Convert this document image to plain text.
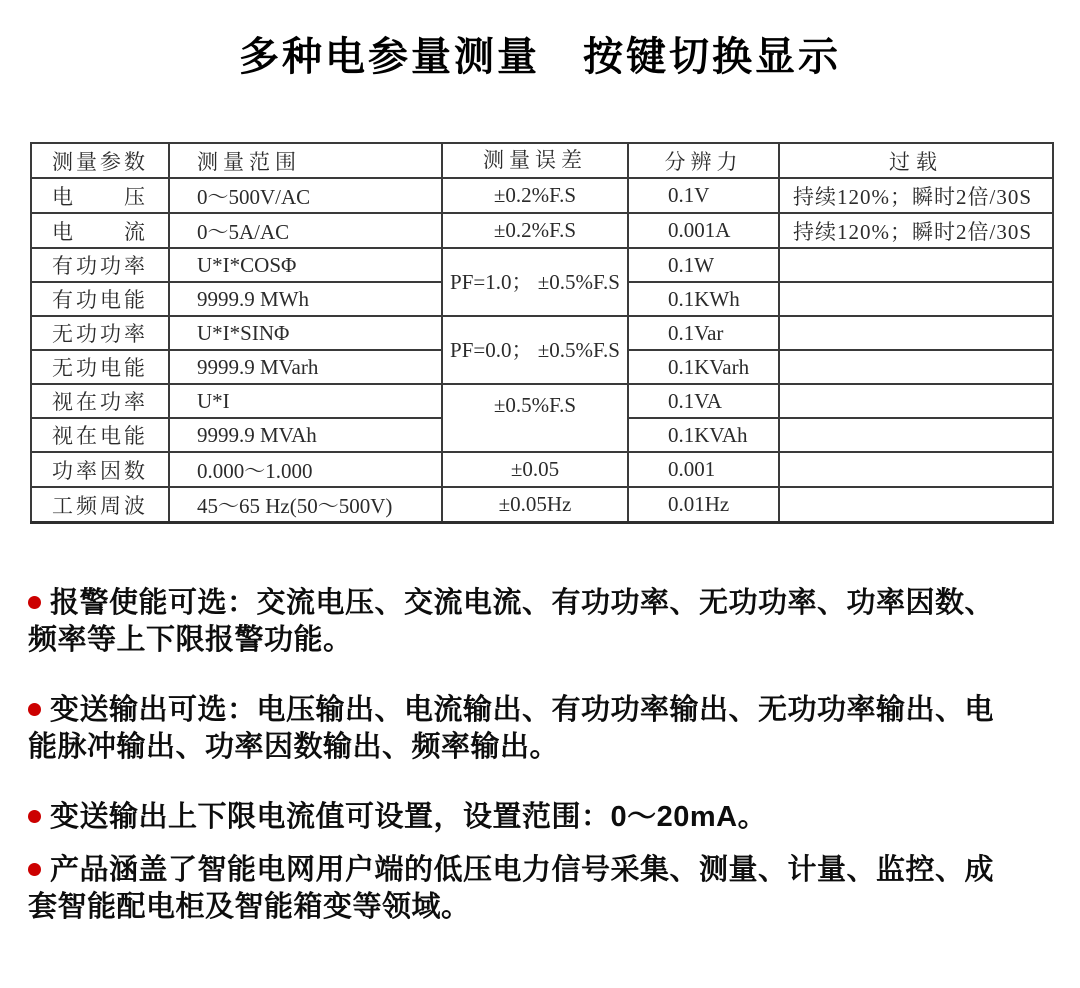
多种电参量测量　按键切换显示
测量参数	测量范围	测量误差	分辨力	过载
电　　压	0～500V/AC	±0.2%F.S	0.1V	持续120%；瞬时2倍/30S
电　　流	0～5A/AC	±0.2%F.S	0.001A	持续120%；瞬时2倍/30S
有功功率	U*I*COSΦ	PF=1.0； ±0.5%F.S	0.1W	
有功电能	9999.9 MWh		0.1KWh	
无功功率	U*I*SINΦ	PF=0.0； ±0.5%F.S	0.1Var	
无功电能	9999.9 MVarh		0.1KVarh	
视在功率	U*I	±0.5%F.S	0.1VA	
视在电能	9999.9 MVAh		0.1KVAh	
功率因数	0.000～1.000	±0.05	0.001	
工频周波	45～65 Hz(50～500V)	±0.05Hz	0.01Hz	
报警使能可选：交流电压、交流电流、有功功率、无功功率、功率因数、
频率等上下限报警功能。
变送输出可选：电压输出、电流输出、有功功率输出、无功功率输出、电
能脉冲输出、功率因数输出、频率输出。
变送输出上下限电流值可设置，设置范围：0～20mA。
产品涵盖了智能电网用户端的低压电力信号采集、测量、计量、监控、成
套智能配电柜及智能箱变等领域。
